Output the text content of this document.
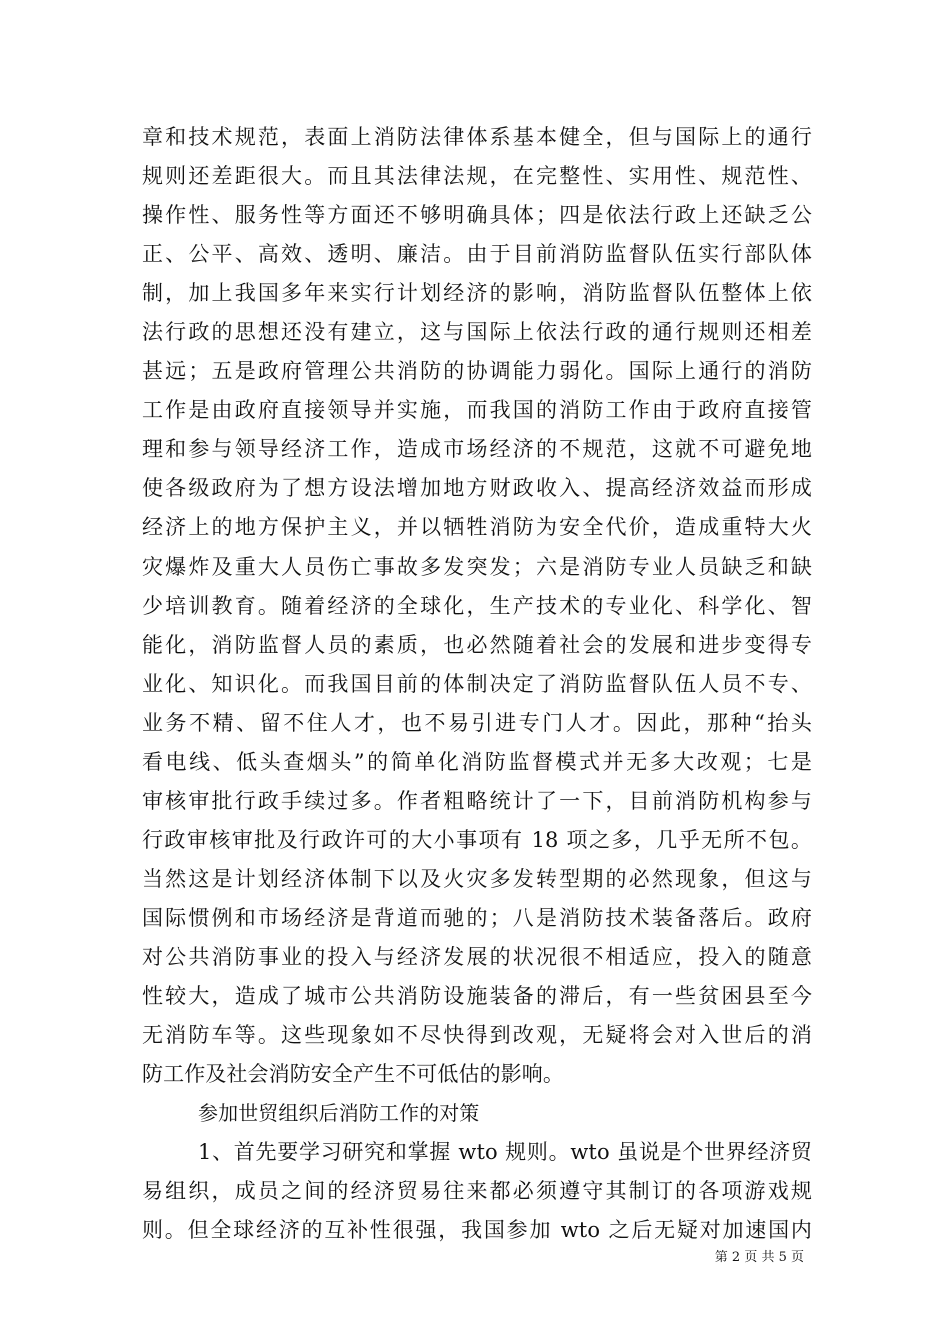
章和技术规范，表面上消防法律体系基本健全，但与国际上的通行
规则还差距很大。而且其法律法规，在完整性、实用性、规范性、
操作性、服务性等方面还不够明确具体；四是依法行政上还缺乏公
正、公平、高效、透明、廉洁。由于目前消防监督队伍实行部队体
制，加上我国多年来实行计划经济的影响，消防监督队伍整体上依
法行政的思想还没有建立，这与国际上依法行政的通行规则还相差
甚远；五是政府管理公共消防的协调能力弱化。国际上通行的消防
工作是由政府直接领导并实施，而我国的消防工作由于政府直接管
理和参与领导经济工作，造成市场经济的不规范，这就不可避免地
使各级政府为了想方设法增加地方财政收入、提高经济效益而形成
经济上的地方保护主义，并以牺牲消防为安全代价，造成重特大火
灾爆炸及重大人员伤亡事故多发突发；六是消防专业人员缺乏和缺
少培训教育。随着经济的全球化，生产技术的专业化、科学化、智
能化，消防监督人员的素质，也必然随着社会的发展和进步变得专
业化、知识化。而我国目前的体制决定了消防监督队伍人员不专、
业务不精、留不住人才，也不易引进专门人才。因此，那种“抬头
看电线、低头查烟头”的简单化消防监督模式并无多大改观；七是
审核审批行政手续过多。作者粗略统计了一下，目前消防机构参与
行政审核审批及行政许可的大小事项有 18 项之多，几乎无所不包。
当然这是计划经济体制下以及火灾多发转型期的必然现象，但这与
国际惯例和市场经济是背道而驰的；八是消防技术装备落后。政府
对公共消防事业的投入与经济发展的状况很不相适应，投入的随意
性较大，造成了城市公共消防设施装备的滞后，有一些贫困县至今
无消防车等。这些现象如不尽快得到改观，无疑将会对入世后的消
防工作及社会消防安全产生不可低估的影响。
参加世贸组织后消防工作的对策
1、首先要学习研究和掌握 wto 规则。wto 虽说是个世界经济贸
易组织，成员之间的经济贸易往来都必须遵守其制订的各项游戏规
则。但全球经济的互补性很强，我国参加 wto 之后无疑对加速国内
第 2 页 共 5 页
